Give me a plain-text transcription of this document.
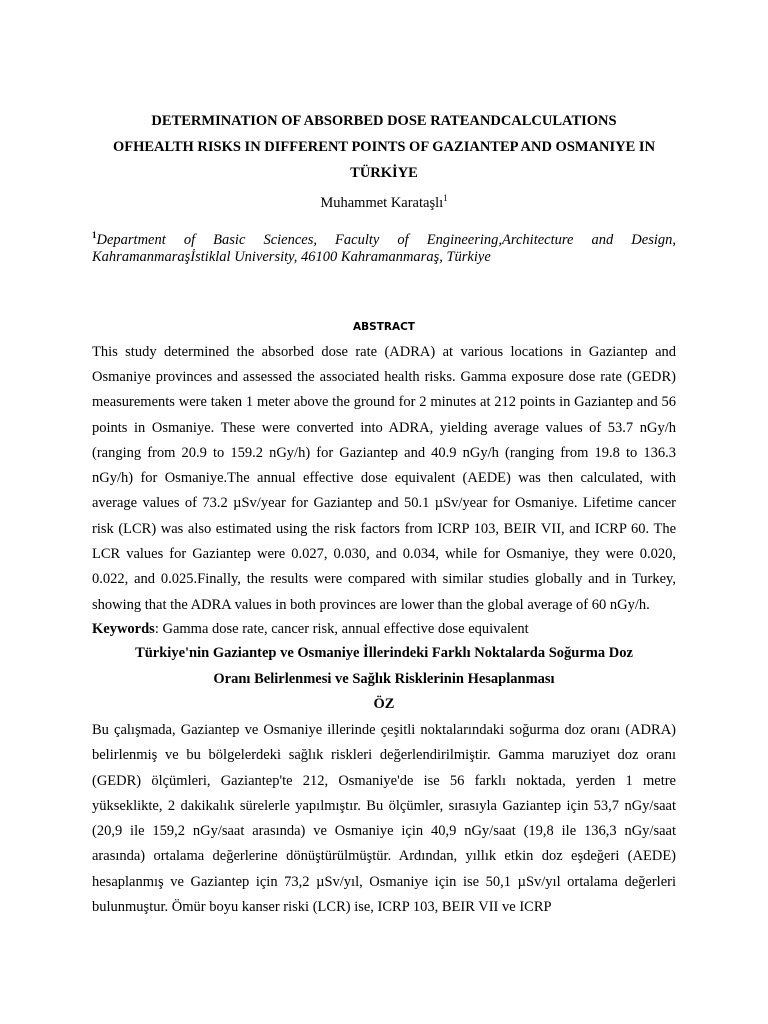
DETERMINATION OF ABSORBED DOSE RATEANDCALCULATIONS
OFHEALTH RISKS IN DIFFERENT POINTS OF GAZIANTEP AND OSMANIYE IN
TÜRKİYE
Muhammet Karataşlı$^1$
$^1$Department of Basic Sciences, Faculty of Engineering,Architecture and Design, Kahramanmaraşİstiklal University, 46100 Kahramanmaraş, Türkiye
ABSTRACT

This study determined the absorbed dose rate (ADRA) at various locations in Gaziantep and Osmaniye provinces and assessed the associated health risks. Gamma exposure dose rate (GEDR) measurements were taken 1 meter above the ground for 2 minutes at 212 points in Gaziantep and 56 points in Osmaniye. These were converted into ADRA, yielding average values of 53.7 nGy/h (ranging from 20.9 to 159.2 nGy/h) for Gaziantep and 40.9 nGy/h (ranging from 19.8 to 136.3 nGy/h) for Osmaniye.The annual effective dose equivalent (AEDE) was then calculated, with average values of 73.2 µSv/year for Gaziantep and 50.1 µSv/year for Osmaniye. Lifetime cancer risk (LCR) was also estimated using the risk factors from ICRP 103, BEIR VII, and ICRP 60. The LCR values for Gaziantep were 0.027, 0.030, and 0.034, while for Osmaniye, they were 0.020, 0.022, and 0.025.Finally, the results were compared with similar studies globally and in Turkey, showing that the ADRA values in both provinces are lower than the global average of 60 nGy/h.

Keywords: Gamma dose rate, cancer risk, annual effective dose equivalent
Türkiye'nin Gaziantep ve Osmaniye İllerindeki Farklı Noktalarda Soğurma Doz
Oranı Belirlenmesi ve Sağlık Risklerinin Hesaplanması
ÖZ

Bu çalışmada, Gaziantep ve Osmaniye illerinde çeşitli noktalarındaki soğurma doz oranı (ADRA) belirlenmiş ve bu bölgelerdeki sağlık riskleri değerlendirilmiştir. Gamma maruziyet doz oranı (GEDR) ölçümleri, Gaziantep'te 212, Osmaniye'de ise 56 farklı noktada, yerden 1 metre yükseklikte, 2 dakikalık sürelerle yapılmıştır. Bu ölçümler, sırasıyla Gaziantep için 53,7 nGy/saat (20,9 ile 159,2 nGy/saat arasında) ve Osmaniye için 40,9 nGy/saat (19,8 ile 136,3 nGy/saat arasında) ortalama değerlerine dönüştürülmüştür. Ardından, yıllık etkin doz eşdeğeri (AEDE) hesaplanmış ve Gaziantep için 73,2 µSv/yıl, Osmaniye için ise 50,1 µSv/yıl ortalama değerleri bulunmuştur. Ömür boyu kanser riski (LCR) ise, ICRP 103, BEIR VII ve ICRP
